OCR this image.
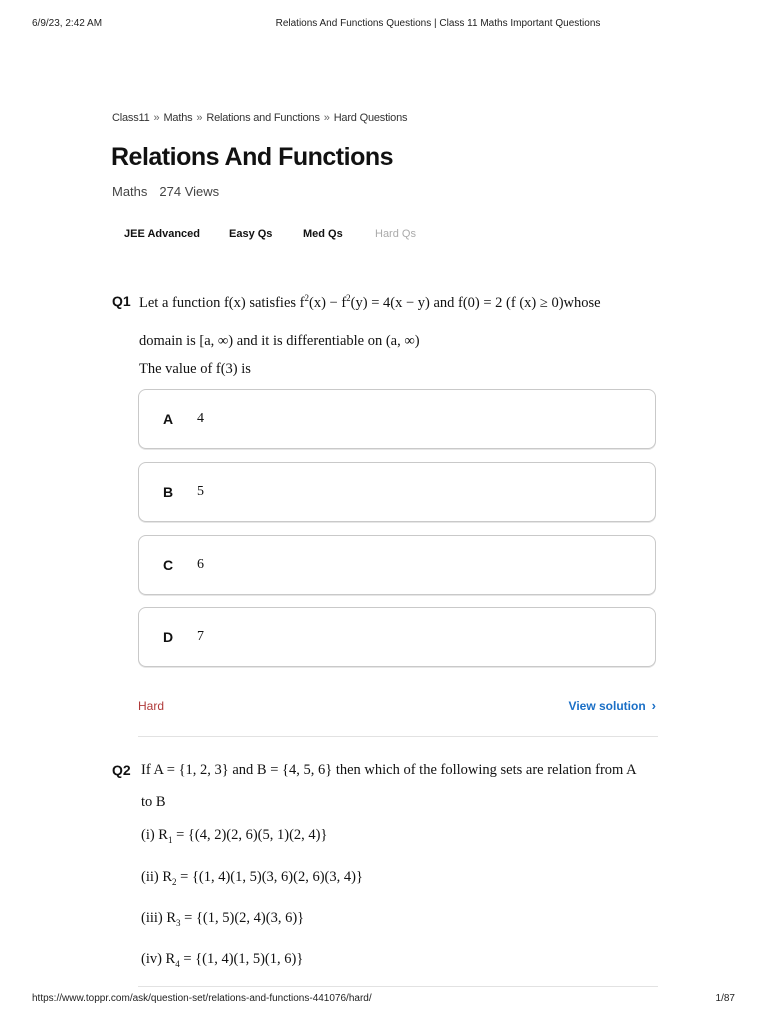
6/9/23, 2:42 AM	Relations And Functions Questions | Class 11 Maths Important Questions
Class11 » Maths » Relations and Functions » Hard Questions
Relations And Functions
Maths 274 Views
JEE Advanced	Easy Qs	Med Qs	Hard Qs
Q1 Let a function f(x) satisfies $f^2(x) - f^2(y) = 4(x - y)$ and f(0) = 2 (f (x) ≥ 0)whose
domain is [a, ∞) and it is differentiable on (a, ∞)
The value of f(3) is
A 4
B 5
C 6
D 7
Hard	View solution ›
Q2 If A = {1, 2, 3} and B = {4, 5, 6} then which of the following sets are relation from A
to B
(i) $R_1 = \{(4$, 2)(2, 6)(5, 1)(2, 4)}
(ii) $R_2 = \{(1$, 4)(1, 5)(3, 6)(2, 6)(3, 4)}
(iii) $R_3 = \{(1$, 5)(2, 4)(3, 6)}
(iv) $R_4 = \{(1$, 4)(1, 5)(1, 6)}
https://www.toppr.com/ask/question-set/relations-and-functions-441076/hard/	1/87
